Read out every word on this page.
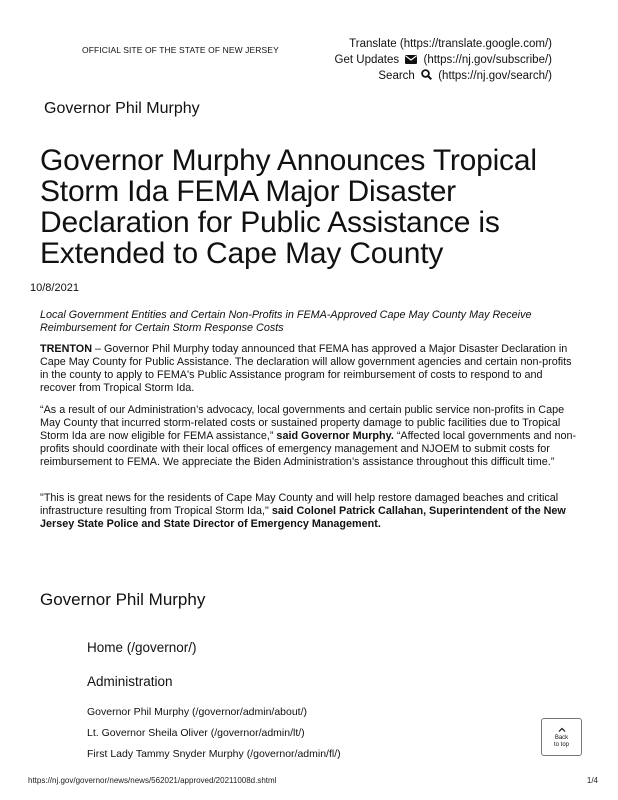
OFFICIAL SITE OF THE STATE OF NEW JERSEY	Translate (https://translate.google.com/)
Get Updates (https://nj.gov/subscribe/)
Search (https://nj.gov/search/)
Governor Phil Murphy
Governor Murphy Announces Tropical Storm Ida FEMA Major Disaster Declaration for Public Assistance is Extended to Cape May County
10/8/2021
Local Government Entities and Certain Non-Profits in FEMA-Approved Cape May County May Receive Reimbursement for Certain Storm Response Costs

TRENTON – Governor Phil Murphy today announced that FEMA has approved a Major Disaster Declaration in Cape May County for Public Assistance. The declaration will allow government agencies and certain non-profits in the county to apply to FEMA's Public Assistance program for reimbursement of costs to respond to and recover from Tropical Storm Ida.

“As a result of our Administration’s advocacy, local governments and certain public service non-profits in Cape May County that incurred storm-related costs or sustained property damage to public facilities due to Tropical Storm Ida are now eligible for FEMA assistance,” said Governor Murphy. “Affected local governments and non-profits should coordinate with their local offices of emergency management and NJOEM to submit costs for reimbursement to FEMA. We appreciate the Biden Administration’s assistance throughout this difficult time.”

"This is great news for the residents of Cape May County and will help restore damaged beaches and critical infrastructure resulting from Tropical Storm Ida," said Colonel Patrick Callahan, Superintendent of the New Jersey State Police and State Director of Emergency Management.

Governor Phil Murphy
Home (/governor/)
Administration
Governor Phil Murphy (/governor/admin/about/)
Lt. Governor Sheila Oliver (/governor/admin/lt/)
First Lady Tammy Snyder Murphy (/governor/admin/fl/)
Back
to top
https://nj.gov/governor/news/news/562021/approved/20211008d.shtml	1/4
